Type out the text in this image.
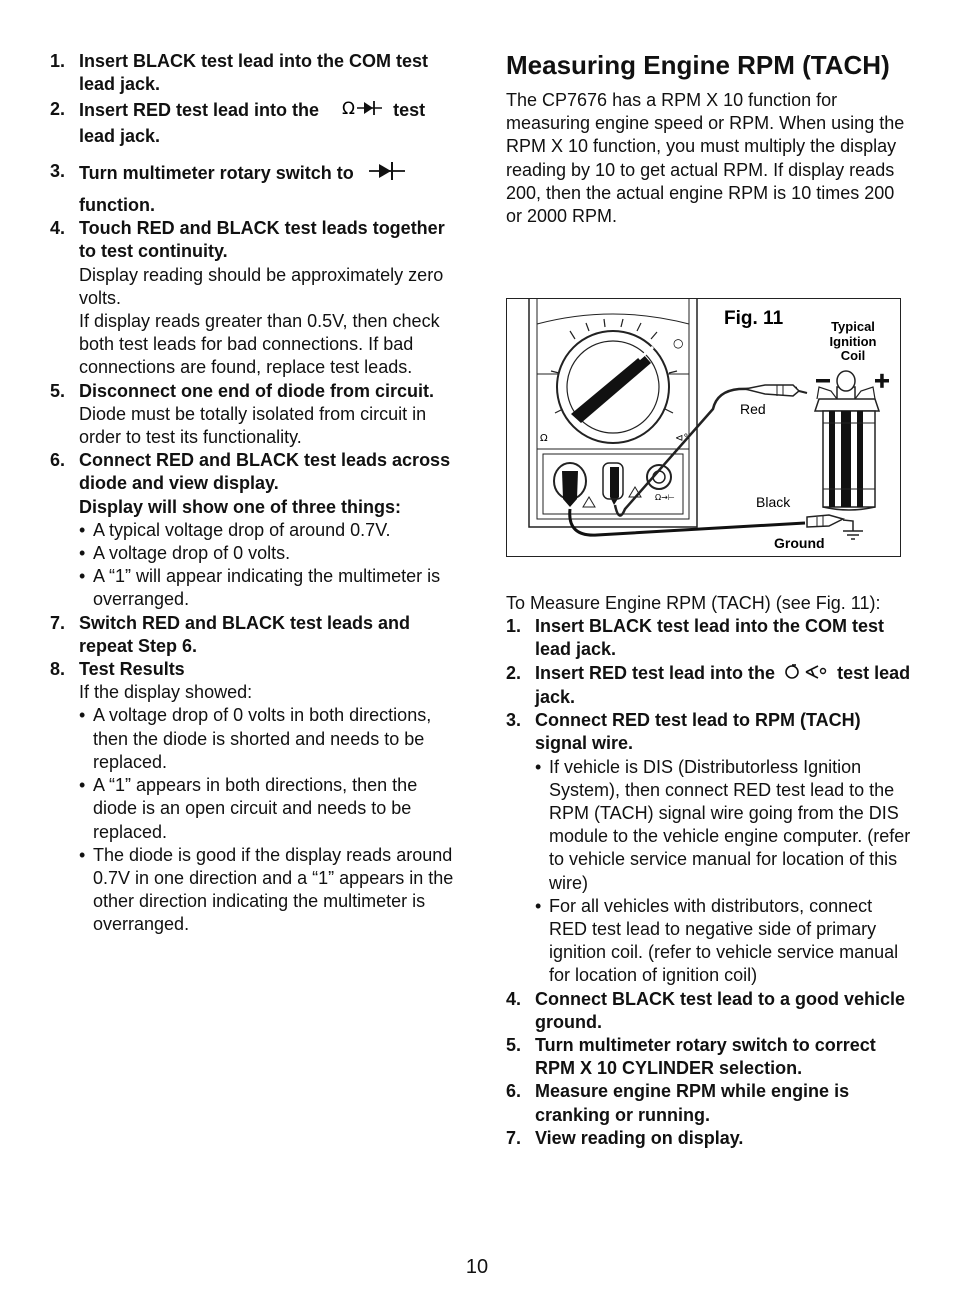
1. Insert BLACK test lead into the COM test lead jack.
2. Insert RED test lead into the Ω test lead jack.
3. Turn multimeter rotary switch to
function.
4. Touch RED and BLACK test leads together to test continuity.
Display reading should be approximately zero volts.
If display reads greater than 0.5V, then check both test leads for bad connections. If bad connections are found, replace test leads.
5. Disconnect one end of diode from circuit.
Diode must be totally isolated from circuit in order to test its functionality.
6. Connect RED and BLACK test leads across diode and view display.
Display will show one of three things:
• A typical voltage drop of around 0.7V.
• A voltage drop of 0 volts.
• A “1” will appear indicating the multimeter is overranged.
7. Switch RED and BLACK test leads and repeat Step 6.
8. Test Results
If the display showed:
• A voltage drop of 0 volts in both directions, then the diode is shorted and needs to be replaced.
• A “1” appears in both directions, then the diode is an open circuit and needs to be replaced.
• The diode is good if the display reads around 0.7V in one direction and a “1” appears in the other direction indicating the multimeter is overranged.
Measuring Engine RPM (TACH)

The CP7676 has a RPM X 10 function for measuring engine speed or RPM. When using the RPM X 10 function, you must multiply the display reading by 10 to get actual RPM. If display reads 200, then the actual engine RPM is 10 times 200 or 2000 RPM.

Ω	⊲°
○
Ω→⊢
Fig. 11	Typical
Ignition
Coil
Red
Black
Ground

To Measure Engine RPM (TACH) (see Fig. 11):

1. Insert BLACK test lead into the COM test lead jack.
2. Insert RED test lead into the	test lead jack.
3. Connect RED test lead to RPM (TACH) signal wire.
• If vehicle is DIS (Distributorless Ignition System), then connect RED test lead to the RPM (TACH) signal wire going from the DIS module to the vehicle engine computer. (refer to vehicle service manual for location of this wire)
• For all vehicles with distributors, connect RED test lead to negative side of primary ignition coil. (refer to vehicle service manual for location of ignition coil)
4. Connect BLACK test lead to a good vehicle ground.
5. Turn multimeter rotary switch to correct RPM X 10 CYLINDER selection.
6. Measure engine RPM while engine is cranking or running.
7. View reading on display.
10
